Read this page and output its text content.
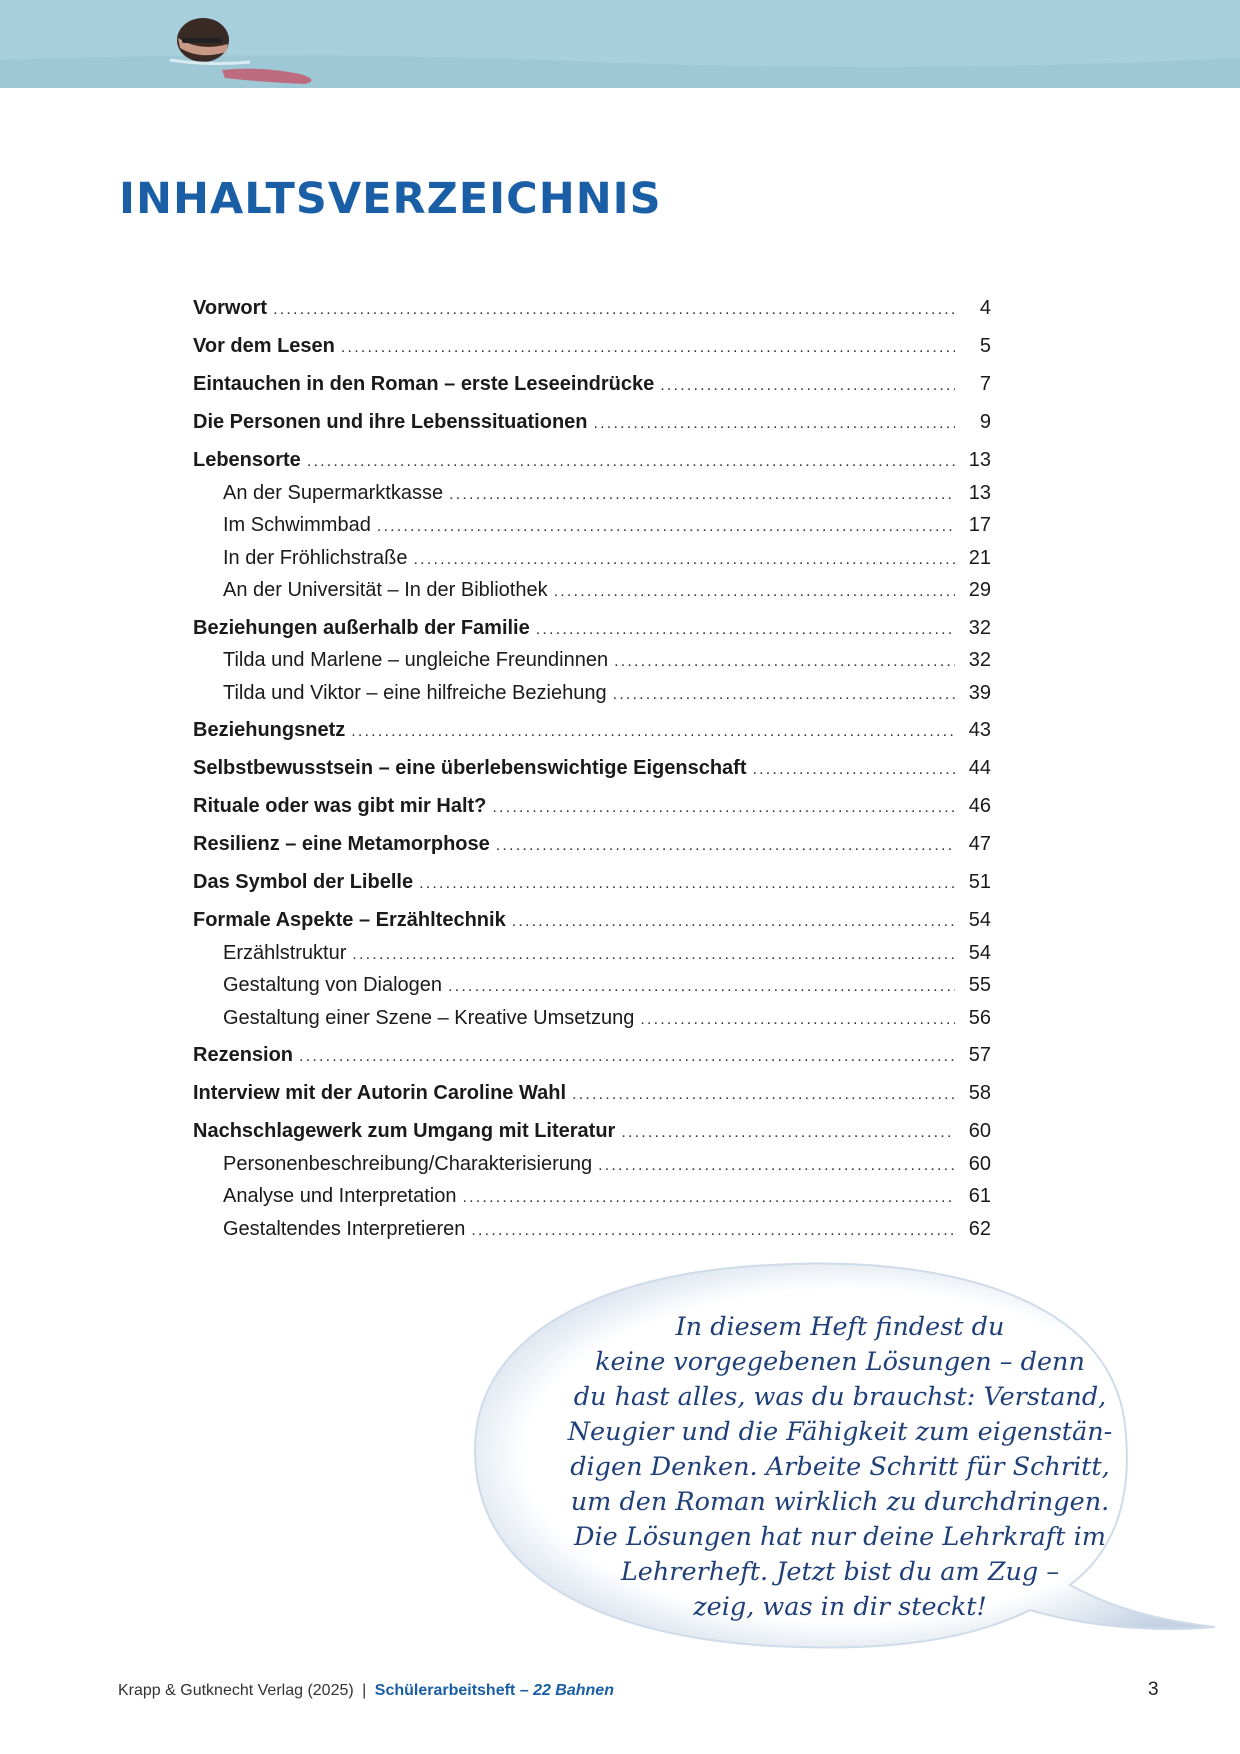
INHALTSVERZEICHNIS
Vorwort .....	4
Vor dem Lesen .....	5
Eintauchen in den Roman – erste Leseeindrücke .....	7
Die Personen und ihre Lebenssituationen .....	9
Lebensorte .....	13
An der Supermarktkasse .....	13
Im Schwimmbad .....	17
In der Fröhlichstraße .....	21
An der Universität – In der Bibliothek .....	29
Beziehungen außerhalb der Familie .....	32
Tilda und Marlene – ungleiche Freundinnen .....	32
Tilda und Viktor – eine hilfreiche Beziehung .....	39
Beziehungsnetz .....	43
Selbstbewusstsein – eine überlebenswichtige Eigenschaft .....	44
Rituale oder was gibt mir Halt? .....	46
Resilienz – eine Metamorphose .....	47
Das Symbol der Libelle .....	51
Formale Aspekte – Erzähltechnik .....	54
Erzählstruktur .....	54
Gestaltung von Dialogen .....	55
Gestaltung einer Szene – Kreative Umsetzung .....	56
Rezension .....	57
Interview mit der Autorin Caroline Wahl .....	58
Nachschlagewerk zum Umgang mit Literatur .....	60
Personenbeschreibung/Charakterisierung .....	60
Analyse und Interpretation .....	61
Gestaltendes Interpretieren .....	62

In diesem Heft findest du
keine vorgegebenen Lösungen – denn
du hast alles, was du brauchst: Verstand,
Neugier und die Fähigkeit zum eigenstän-
digen Denken. Arbeite Schritt für Schritt,
um den Roman wirklich zu durchdringen.
Die Lösungen hat nur deine Lehrkraft im
Lehrerheft. Jetzt bist du am Zug –
zeig, was in dir steckt!

Krapp & Gutknecht Verlag (2025) | Schülerarbeitsheft – 22 Bahnen	3
